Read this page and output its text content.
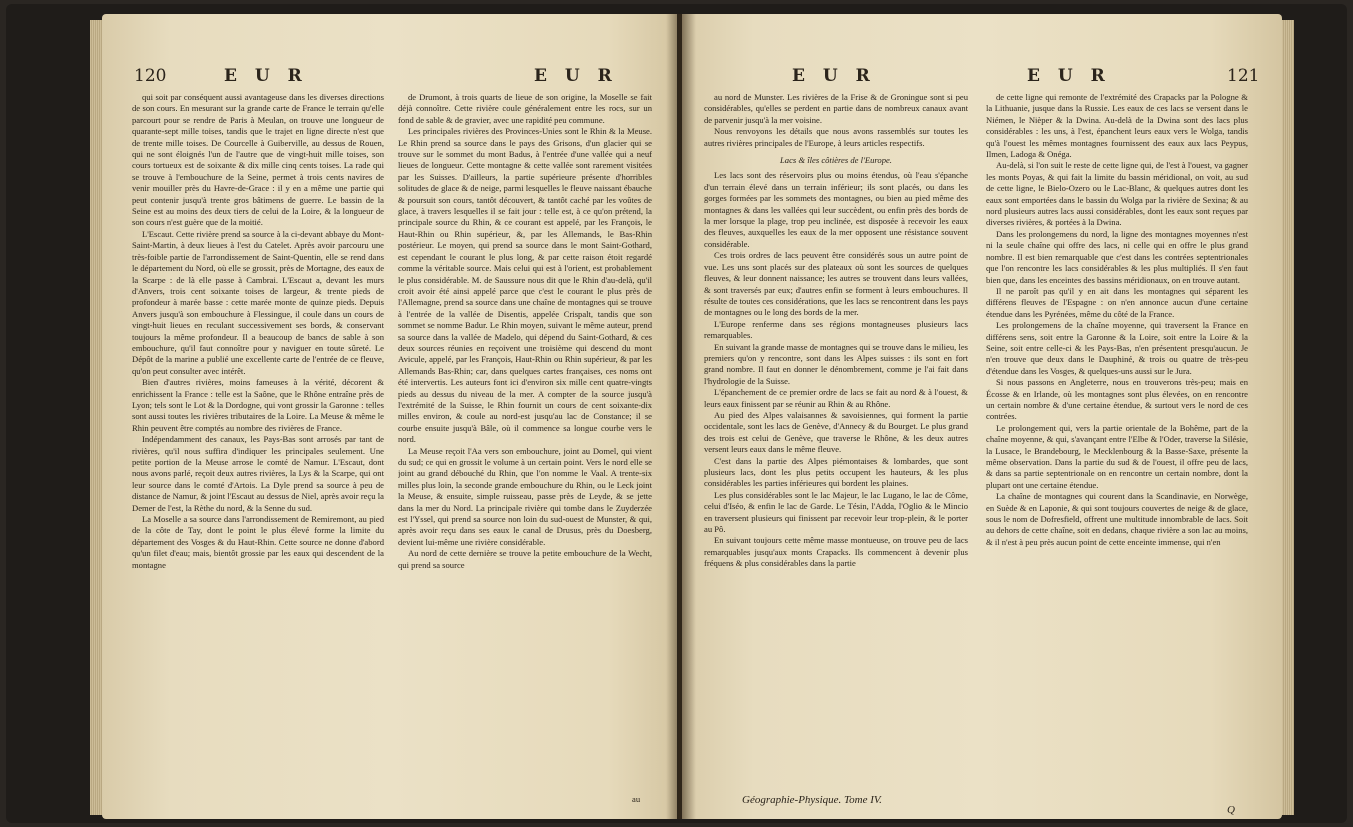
120	E U R	E U R

qui soit par conséquent aussi avantageuse dans les diverses directions de son cours. En mesurant sur la grande carte de France le terrain qu'elle parcourt pour se rendre de Paris à Meulan, on trouve une longueur de quarante-sept mille toises, tandis que le trajet en ligne directe n'est que de trente mille toises. De Courcelle à Guiberville, au dessus de Rouen, qui ne sont éloignés l'un de l'autre que de vingt-huit mille toises, son cours tortueux est de soixante & dix mille cinq cents toises. La rade qui se trouve à l'embouchure de la Seine, permet à trois cents navires de venir mouiller près du Havre-de-Grace : il y en a même une partie qui peut contenir jusqu'à trente gros bâtimens de guerre. Le bassin de la Seine est au moins des deux tiers de celui de la Loire, & la longueur de son cours n'est guère que de la moitié.

L'Escaut. Cette rivière prend sa source à la ci-devant abbaye du Mont-Saint-Martin, à deux lieues à l'est du Catelet. Après avoir parcouru une très-foible partie de l'arrondissement de Saint-Quentin, elle se rend dans le département du Nord, où elle se grossit, près de Mortagne, des eaux de la Scarpe : de là elle passe à Cambrai. L'Escaut a, devant les murs d'Anvers, trois cent soixante toises de largeur, & trente pieds de profondeur à marée basse : cette marée monte de quinze pieds. Depuis Anvers jusqu'à son embouchure à Flessingue, il coule dans un cours de vingt-huit lieues en reculant successivement ses bords, & conservant toujours la même profondeur. Il a beaucoup de bancs de sable à son embouchure, qu'il faut connoître pour y naviguer en toute sûreté. Le Dépôt de la marine a publié une excellente carte de l'entrée de ce fleuve, qu'on peut consulter avec intérêt.

Bien d'autres rivières, moins fameuses à la vérité, décorent & enrichissent la France : telle est la Saône, que le Rhône entraîne près de Lyon; tels sont le Lot & la Dordogne, qui vont grossir la Garonne : telles sont aussi toutes les rivières tributaires de la Loire. La Meuse & même le Rhin peuvent être comptés au nombre des rivières de France.

Indépendamment des canaux, les Pays-Bas sont arrosés par tant de rivières, qu'il nous suffira d'indiquer les principales seulement. Une petite portion de la Meuse arrose le comté de Namur. L'Escaut, dont nous avons parlé, reçoit deux autres rivières, la Lys & la Scarpe, qui ont leur source dans le comté d'Artois. La Dyle prend sa source à peu de distance de Namur, & joint l'Escaut au dessus de Niel, après avoir reçu la Demer de l'est, la Rèthe du nord, & la Senne du sud.

La Moselle a sa source dans l'arrondissement de Remiremont, au pied de la côte de Tay, dont le point le plus élevé forme la limite du département des Vosges & du Haut-Rhin. Cette source ne donne d'abord qu'un filet d'eau; mais, bientôt grossie par les eaux qui descendent de la montagne

de Drumont, à trois quarts de lieue de son origine, la Moselle se fait déjà connoître. Cette rivière coule généralement entre les rocs, sur un fond de sable & de gravier, avec une rapidité peu commune.

Les principales rivières des Provinces-Unies sont le Rhin & la Meuse. Le Rhin prend sa source dans le pays des Grisons, d'un glacier qui se trouve sur le sommet du mont Badus, à l'entrée d'une vallée qui a neuf lieues de longueur. Cette montagne & cette vallée sont rarement visitées par les Suisses. D'ailleurs, la partie supérieure présente d'horribles solitudes de glace & de neige, parmi lesquelles le fleuve naissant ébauche & poursuit son cours, tantôt découvert, & tantôt caché par les voûtes de glace, à travers lesquelles il se fait jour : telle est, à ce qu'on prétend, la principale source du Rhin, & ce courant est appelé, par les François, le Haut-Rhin ou Rhin supérieur, &, par les Allemands, le Bas-Rhin postérieur. Le moyen, qui prend sa source dans le mont Saint-Gothard, est cependant le courant le plus long, & par cette raison étoit regardé comme la véritable source. Mais celui qui est à l'orient, est probablement le plus considérable. M. de Saussure nous dit que le Rhin d'au-delà, qu'il croit avoir été ainsi appelé parce que c'est le courant le plus près de l'Allemagne, prend sa source dans une chaîne de montagnes qui se trouve à l'entrée de la vallée de Disentis, appelée Crispalt, tandis que son sommet se nomme Badur. Le Rhin moyen, suivant le même auteur, prend sa source dans la vallée de Madelo, qui dépend du Saint-Gothard, & ces deux sources réunies en reçoivent une troisième qui descend du mont Avicule, appelé, par les François, Haut-Rhin ou Rhin supérieur, & par les Allemands Bas-Rhin; car, dans quelques cartes françaises, ces noms ont été intervertis. Les auteurs font ici d'environ six mille cent quatre-vingts pieds au dessus du niveau de la mer. A compter de la source jusqu'à l'extrémité de la Suisse, le Rhin fournit un cours de cent soixante-dix milles environ, & coule au nord-est jusqu'au lac de Constance; il se courbe ensuite jusqu'à Bâle, où il commence sa longue courbe vers le nord.

La Meuse reçoit l'Aa vers son embouchure, joint au Domel, qui vient du sud; ce qui en grossit le volume à un certain point. Vers le nord elle se joint au grand débouché du Rhin, que l'on nomme le Vaal. A trente-six milles plus loin, la seconde grande embouchure du Rhin, ou le Leck joint la Meuse, & ensuite, simple ruisseau, passe près de Leyde, & se jette dans la mer du Nord. La principale rivière qui tombe dans le Zuyderzée est l'Yssel, qui prend sa source non loin du sud-ouest de Munster, & qui, après avoir reçu dans ses eaux le canal de Drusus, près du Doesberg, devient lui-même une rivière considérable.

Au nord de cette dernière se trouve la petite embouchure de la Wecht, qui prend sa source

au
E U R	E U R	121

au nord de Munster. Les rivières de la Frise & de Groningue sont si peu considérables, qu'elles se perdent en partie dans de nombreux canaux avant de parvenir jusqu'à la mer voisine.

Nous renvoyons les détails que nous avons rassemblés sur toutes les autres rivières principales de l'Europe, à leurs articles respectifs.

Lacs & îles côtières de l'Europe.

Les lacs sont des réservoirs plus ou moins étendus, où l'eau s'épanche d'un terrain élevé dans un terrain inférieur; ils sont placés, ou dans les gorges formées par les sommets des montagnes, ou bien au pied même des montagnes & dans les vallées qui leur succèdent, ou enfin près des bords de la mer lorsque la plage, trop peu inclinée, est disposée à recevoir les eaux des fleuves, auxquelles les eaux de la mer opposent une résistance souvent considérable.

Ces trois ordres de lacs peuvent être considérés sous un autre point de vue. Les uns sont placés sur des plateaux où sont les sources de quelques fleuves, & leur donnent naissance; les autres se trouvent dans leurs vallées, & sont traversés par eux; d'autres enfin se forment à leurs embouchures. Il résulte de toutes ces considérations, que les lacs se rencontrent dans les pays de montagnes ou le long des bords de la mer.

L'Europe renferme dans ses régions montagneuses plusieurs lacs remarquables.

En suivant la grande masse de montagnes qui se trouve dans le milieu, les premiers qu'on y rencontre, sont dans les Alpes suisses : ils sont en fort grand nombre. Il faut en donner le dénombrement, comme je l'ai fait dans l'hydrologie de la Suisse.

L'épanchement de ce premier ordre de lacs se fait au nord & à l'ouest, & leurs eaux finissent par se réunir au Rhin & au Rhône.

Au pied des Alpes valaisannes & savoisiennes, qui forment la partie occidentale, sont les lacs de Genève, d'Annecy & du Bourget. Le plus grand des trois est celui de Genève, que traverse le Rhône, & les deux autres versent leurs eaux dans le même fleuve.

C'est dans la partie des Alpes piémontaises & lombardes, que sont plusieurs lacs, dont les plus petits occupent les hauteurs, & les plus considérables les parties inférieures qui bordent les plaines.

Les plus considérables sont le lac Majeur, le lac Lugano, le lac de Côme, celui d'Iséo, & enfin le lac de Garde. Le Tésin, l'Adda, l'Oglio & le Mincio en traversent plusieurs qui finissent par recevoir leur trop-plein, & le porter au Pô.

En suivant toujours cette même masse montueuse, on trouve peu de lacs remarquables jusqu'aux monts Crapacks. Ils commencent à devenir plus fréquens & plus considérables dans la partie

Géographie-Physique. Tome IV.

de cette ligne qui remonte de l'extrémité des Crapacks par la Pologne & la Lithuanie, jusque dans la Russie. Les eaux de ces lacs se versent dans le Niémen, le Nièper & la Dwina. Au-delà de la Dwina sont des lacs plus considérables : les uns, à l'est, épanchent leurs eaux vers le Wolga, tandis qu'à l'ouest les mêmes montagnes fournissent des eaux aux lacs Peypus, Ilmen, Ladoga & Onéga.

Au-delà, si l'on suit le reste de cette ligne qui, de l'est à l'ouest, va gagner les monts Poyas, & qui fait la limite du bassin méridional, on voit, au sud de cette ligne, le Bielo-Ozero ou le Lac-Blanc, & quelques autres dont les eaux sont emportées dans le bassin du Wolga par la rivière de Sexina; & au nord plusieurs autres lacs aussi considérables, dont les eaux sont reçues par diverses rivières, & portées à la Dwina.

Dans les prolongemens du nord, la ligne des montagnes moyennes n'est ni la seule chaîne qui offre des lacs, ni celle qui en offre le plus grand nombre. Il est bien remarquable que c'est dans les contrées septentrionales que l'on rencontre les lacs considérables & les plus multipliés. Il s'en faut bien que, dans les enceintes des bassins méridionaux, on en trouve autant.

Il ne paroît pas qu'il y en ait dans les montagnes qui séparent les différens fleuves de l'Espagne : on n'en annonce aucun d'une certaine étendue dans les Pyrénées, même du côté de la France.

Les prolongemens de la chaîne moyenne, qui traversent la France en différens sens, soit entre la Garonne & la Loire, soit entre la Loire & la Seine, soit entre celle-ci & les Pays-Bas, n'en présentent presqu'aucun. Je n'en trouve que deux dans le Dauphiné, & trois ou quatre de très-peu d'étendue dans les Vosges, & quelques-uns aussi sur le Jura.

Si nous passons en Angleterre, nous en trouverons très-peu; mais en Écosse & en Irlande, où les montagnes sont plus élevées, on en rencontre un certain nombre & d'une certaine étendue, & surtout vers le nord de ces contrées.

Le prolongement qui, vers la partie orientale de la Bohême, part de la chaîne moyenne, & qui, s'avançant entre l'Elbe & l'Oder, traverse la Silésie, la Lusace, le Brandebourg, le Mecklenbourg & la Basse-Saxe, présente la même observation. Dans la partie du sud & de l'ouest, il offre peu de lacs, & dans sa partie septentrionale on en rencontre un certain nombre, dont la plupart ont une certaine étendue.

La chaîne de montagnes qui courent dans la Scandinavie, en Norwège, en Suède & en Laponie, & qui sont toujours couvertes de neige & de glace, sous le nom de Dofresfield, offrent une multitude innombrable de lacs. Soit au dehors de cette chaîne, soit en dedans, chaque rivière a son lac au moins, & il n'est à peu près aucun point de cette enceinte immense, qui n'en

Q
